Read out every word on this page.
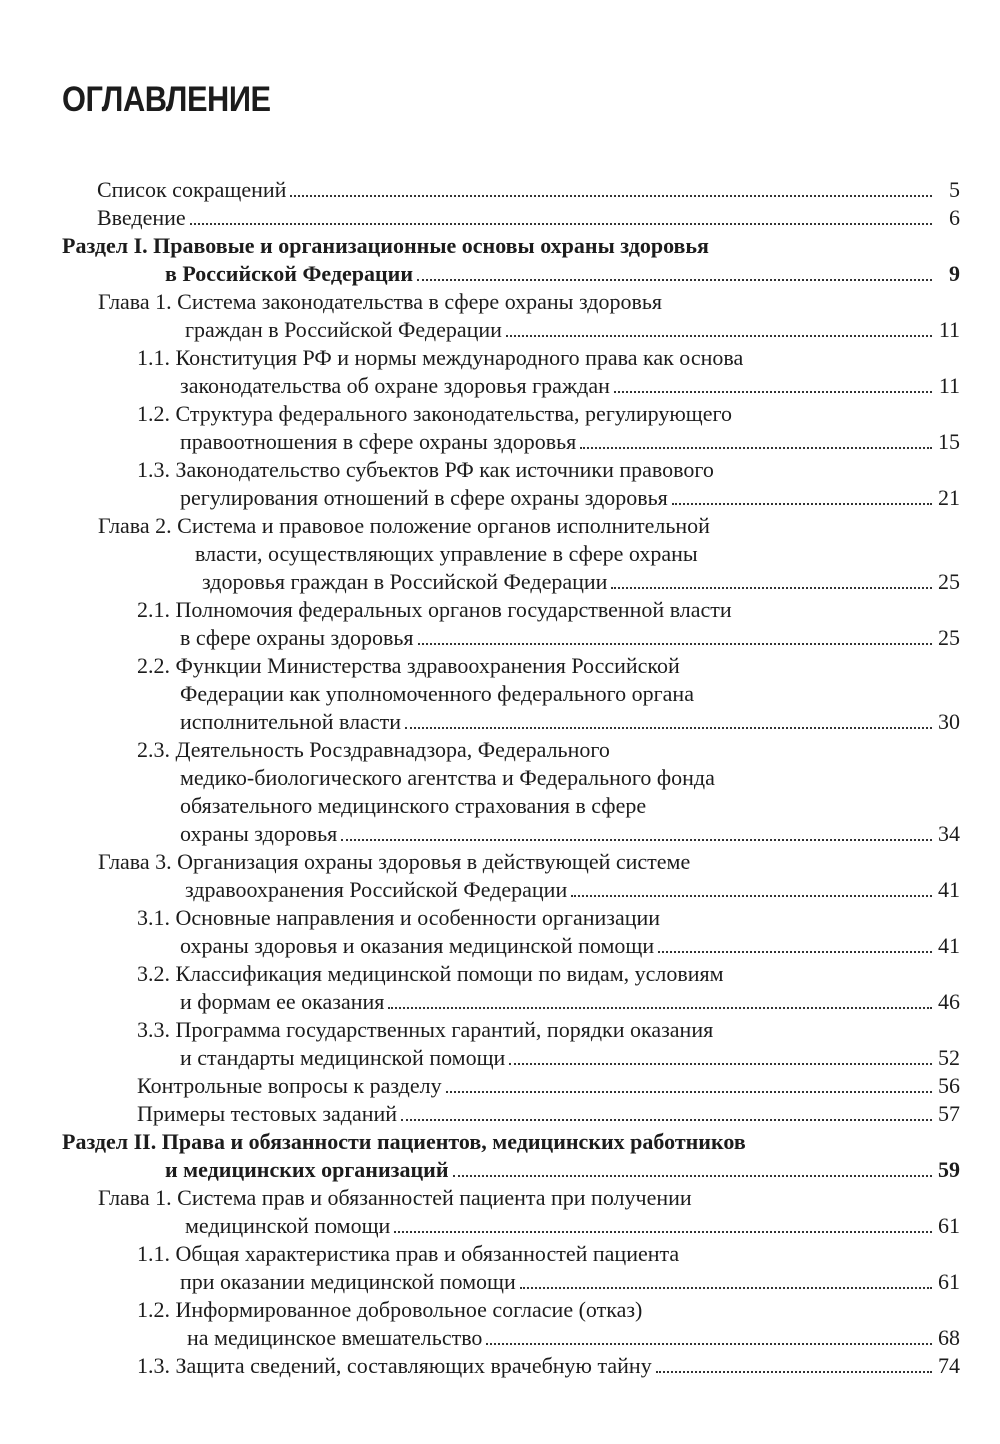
ОГЛАВЛЕНИЕ
Список сокращений	5
Введение	6
Раздел I. Правовые и организационные основы охраны здоровья
в Российской Федерации	9
Глава 1. Система законодательства в сфере охраны здоровья
граждан в Российской Федерации	11
1.1. Конституция РФ и нормы международного права как основа
законодательства об охране здоровья граждан	11
1.2. Структура федерального законодательства, регулирующего
правоотношения в сфере охраны здоровья	15
1.3. Законодательство субъектов РФ как источники правового
регулирования отношений в сфере охраны здоровья	21
Глава 2. Система и правовое положение органов исполнительной
власти, осуществляющих управление в сфере охраны
здоровья граждан в Российской Федерации	25
2.1. Полномочия федеральных органов государственной власти
в сфере охраны здоровья	25
2.2. Функции Министерства здравоохранения Российской
Федерации как уполномоченного федерального органа
исполнительной власти	30
2.3. Деятельность Росздравнадзора, Федерального
медико-биологического агентства и Федерального фонда
обязательного медицинского страхования в сфере
охраны здоровья	34
Глава 3. Организация охраны здоровья в действующей системе
здравоохранения Российской Федерации	41
3.1. Основные направления и особенности организации
охраны здоровья и оказания медицинской помощи	41
3.2. Классификация медицинской помощи по видам, условиям
и формам ее оказания	46
3.3. Программа государственных гарантий, порядки оказания
и стандарты медицинской помощи	52
Контрольные вопросы к разделу	56
Примеры тестовых заданий	57
Раздел II. Права и обязанности пациентов, медицинских работников
и медицинских организаций	59
Глава 1. Система прав и обязанностей пациента при получении
медицинской помощи	61
1.1. Общая характеристика прав и обязанностей пациента
при оказании медицинской помощи	61
1.2. Информированное добровольное согласие (отказ)
на медицинское вмешательство	68
1.3. Защита сведений, составляющих врачебную тайну	74
